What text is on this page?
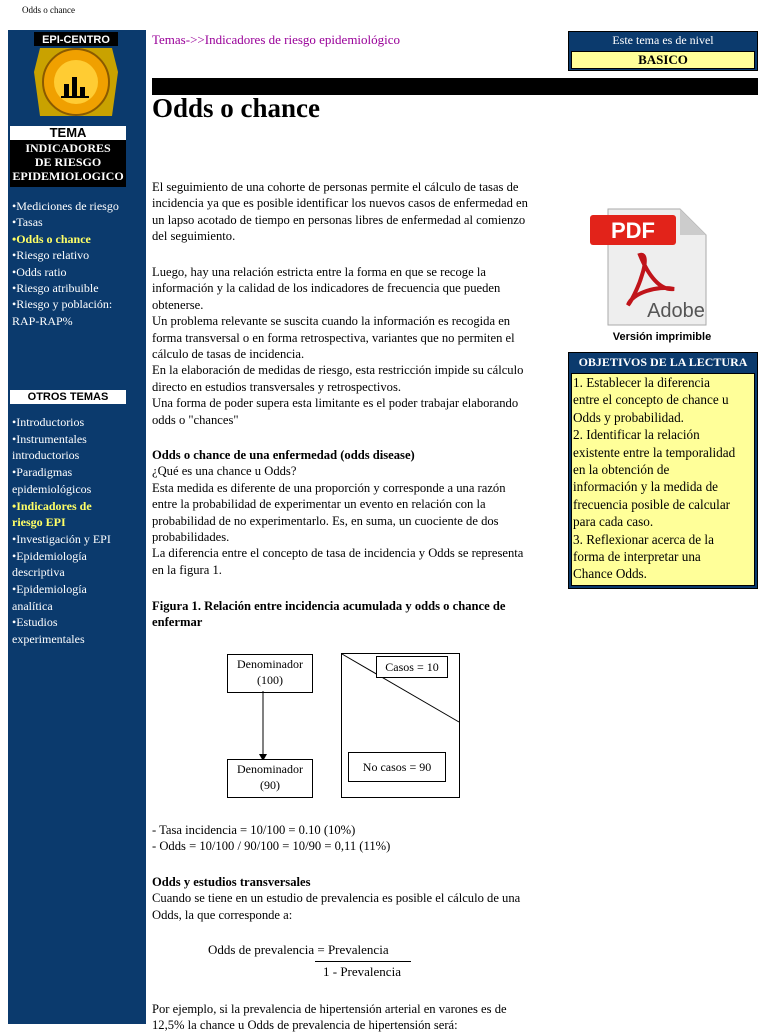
Odds o chance
EPI-CENTRO
TEMA
INDICADORES
DE RIESGO
EPIDEMIOLOGICO
•Mediciones de riesgo
•Tasas
•Odds o chance
•Riesgo relativo
•Odds ratio
•Riesgo atribuible
•Riesgo y población:
RAP-RAP%
OTROS TEMAS
•Introductorios
•Instrumentales
introductorios
•Paradigmas
epidemiológicos
•Indicadores de
riesgo EPI
•Investigación y EPI
•Epidemiología
descriptiva
•Epidemiología
analítica
•Estudios
experimentales
Temas->>Indicadores de riesgo epidemiológico	Este tema es de nivel
BASICO
Odds o chance

El seguimiento de una cohorte de personas permite el cálculo de tasas de incidencia ya que es posible identificar los nuevos casos de enfermedad en un lapso acotado de tiempo en personas libres de enfermedad al comienzo del seguimiento.

Luego, hay una relación estricta entre la forma en que se recoge la información y la calidad de los indicadores de frecuencia que pueden obtenerse.

Un problema relevante se suscita cuando la información es recogida en forma transversal o en forma retrospectiva, variantes que no permiten el cálculo de tasas de incidencia.

En la elaboración de medidas de riesgo, esta restricción impide su cálculo directo en estudios transversales y retrospectivos.

Una forma de poder supera esta limitante es el poder trabajar elaborando odds o "chances"

Odds o chance de una enfermedad (odds disease)

¿Qué es una chance u Odds?

Esta medida es diferente de una proporción y corresponde a una razón entre la probabilidad de experimentar un evento en relación con la probabilidad de no experimentarlo. Es, en suma, un cuociente de dos probabilidades.

La diferencia entre el concepto de tasa de incidencia y Odds se representa en la figura 1.

Figura 1. Relación entre incidencia acumulada y odds o chance de enfermar
Denominador
(100)
Denominador
(90)
Casos = 10
No casos = 90

- Tasa incidencia = 10/100 = 0.10 (10%)

- Odds = 10/100 / 90/100 = 10/90 = 0,11 (11%)

Odds y estudios transversales

Cuando se tiene en un estudio de prevalencia es posible el cálculo de una Odds, la que corresponde a:

Odds de prevalencia = Prevalencia
1 - Prevalencia

Por ejemplo, si la prevalencia de hipertensión arterial en varones es de 12,5% la chance u Odds de prevalencia de hipertensión será:

PDF
Adobe
Versión imprimible
OBJETIVOS DE LA LECTURA
1. Establecer la diferencia
entre el concepto de chance u
Odds y probabilidad.
2. Identificar la relación
existente entre la temporalidad
en la obtención de
información y la medida de
frecuencia posible de calcular
para cada caso.
3. Reflexionar acerca de la
forma de interpretar una
Chance Odds.
